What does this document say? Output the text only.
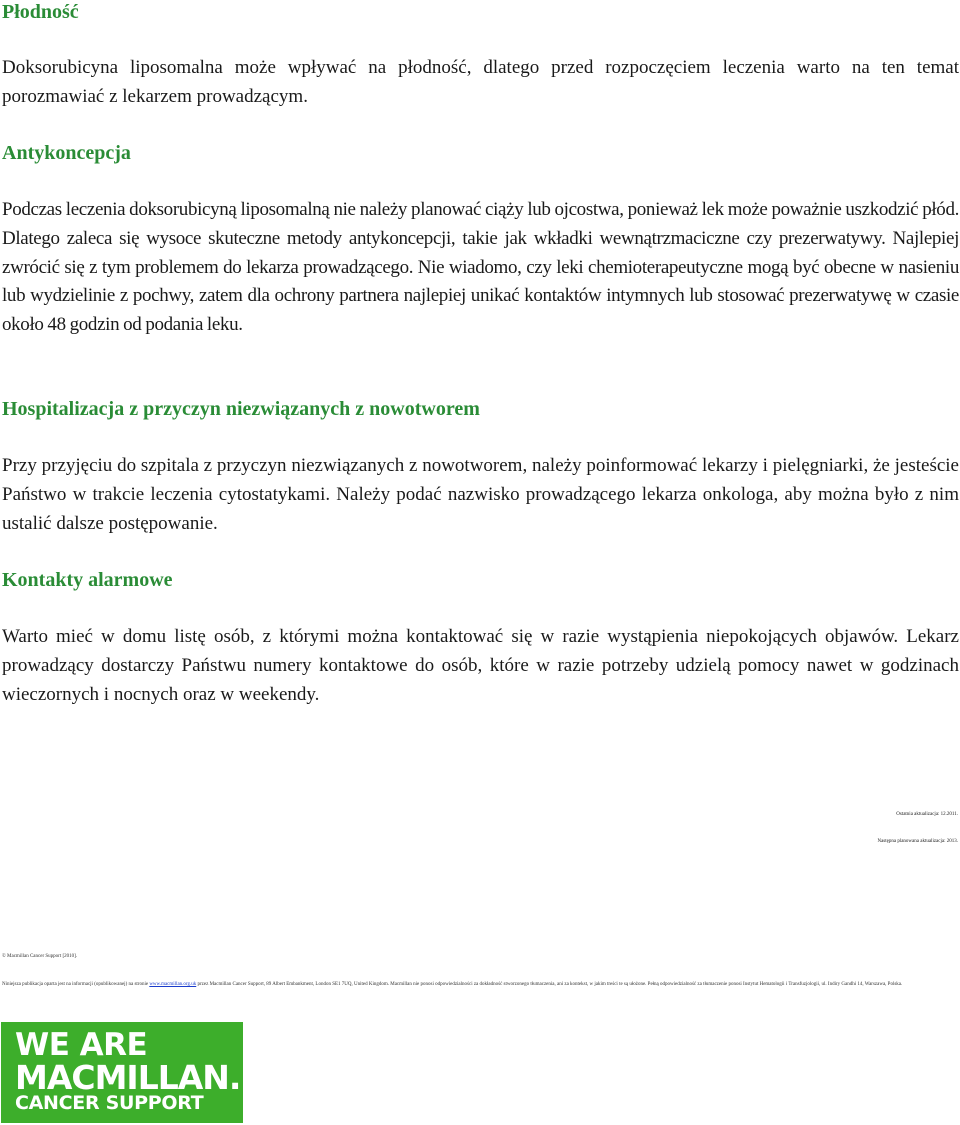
Płodność

Doksorubicyna liposomalna może wpływać na płodność, dlatego przed rozpoczęciem leczenia warto na ten temat porozmawiać z lekarzem prowadzącym.

Antykoncepcja

Podczas leczenia doksorubicyną liposomalną nie należy planować ciąży lub ojcostwa, ponieważ lek może poważnie uszkodzić płód. Dlatego zaleca się wysoce skuteczne metody antykoncepcji, takie jak wkładki wewnątrzmaciczne czy prezerwatywy. Najlepiej zwrócić się z tym problemem do lekarza prowadzącego. Nie wiadomo, czy leki chemioterapeutyczne mogą być obecne w nasieniu lub wydzielinie z pochwy, zatem dla ochrony partnera najlepiej unikać kontaktów intymnych lub stosować prezerwatywę w czasie około 48 godzin od podania leku.

Hospitalizacja z przyczyn niezwiązanych z nowotworem

Przy przyjęciu do szpitala z przyczyn niezwiązanych z nowotworem, należy poinformować lekarzy i pielęgniarki, że jesteście Państwo w trakcie leczenia cytostatykami. Należy podać nazwisko prowadzącego lekarza onkologa, aby można było z nim ustalić dalsze postępowanie.

Kontakty alarmowe

Warto mieć w domu listę osób, z którymi można kontaktować się w razie wystąpienia niepokojących objawów. Lekarz prowadzący dostarczy Państwu numery kontaktowe do osób, które w razie potrzeby udzielą pomocy nawet w godzinach wieczornych i nocnych oraz w weekendy.

Ostatnia aktualizacja: 12.2011.

Następna planowana aktualizacja: 2013.

© Macmillan Cancer Support [2010].

Niniejsza publikacja oparta jest na informacji (opublikowanej) na stronie www.macmillan.org.uk przez Macmillan Cancer Support, 89 Albert Embankment, London SE1 7UQ, United Kingdom. Macmillan nie ponosi odpowiedzialności za dokładność stworzonego tłumaczenia, ani za kontekst, w jakim treści te są ułożone. Pełną odpowiedzialność za tłumaczenie ponosi Instytut Hematologii i Transfuzjologii, ul. Indiry Gandhi 14, Warszawa, Polska.

WE ARE
MACMILLAN.
CANCER SUPPORT
